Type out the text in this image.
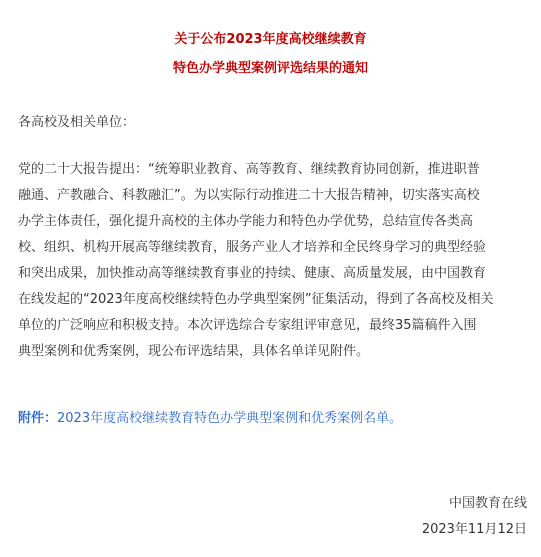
关于公布2023年度高校继续教育
特色办学典型案例评选结果的通知
各高校及相关单位：
党的二十大报告提出：“统筹职业教育、高等教育、继续教育协同创新，推进职普
融通、产教融合、科教融汇”。为以实际行动推进二十大报告精神，切实落实高校
办学主体责任，强化提升高校的主体办学能力和特色办学优势，总结宣传各类高
校、组织、机构开展高等继续教育，服务产业人才培养和全民终身学习的典型经验
和突出成果，加快推动高等继续教育事业的持续、健康、高质量发展，由中国教育
在线发起的“2023年度高校继续特色办学典型案例”征集活动，得到了各高校及相关
单位的广泛响应和积极支持。本次评选综合专家组评审意见，最终35篇稿件入围
典型案例和优秀案例，现公布评选结果，具体名单详见附件。
附件：2023年度高校继续教育特色办学典型案例和优秀案例名单。
中国教育在线
2023年11月12日
